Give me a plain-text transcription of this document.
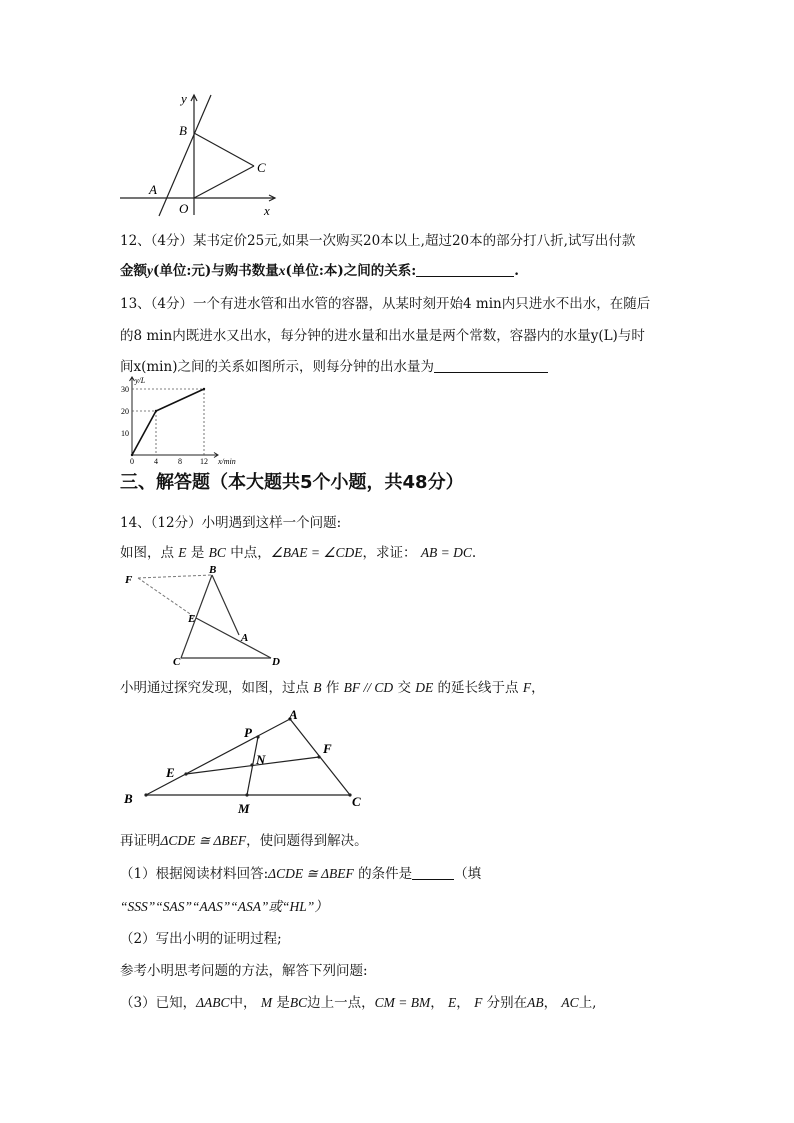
y
B
C
A
O	x
12、（4分）某书定价25元,如果一次购买20本以上,超过20本的部分打八折,试写出付款
金额y(单位:元)与购书数量x(单位:本)之间的关系:	.
13、（4分）一个有进水管和出水管的容器，从某时刻开始4 min内只进水不出水，在随后
的8 min内既进水又出水，每分钟的进水量和出水量是两个常数，容器内的水量y(L)与时
间x(min)之间的关系如图所示，则每分钟的出水量为
0	4	8 12
10
20
30
x/min
y/L
三、解答题（本大题共5个小题，共48分）
14、（12分）小明遇到这样一个问题:
如图，点 E 是 BC 中点，∠BAE = ∠CDE，求证： AB = DC.
F
B
E
A
C	D
小明通过探究发现，如图，过点 B 作 BF // CD 交 DE 的延长线于点 F，
A
P
F
N
E
B
M	C
再证明ΔCDE ≅ ΔBEF，使问题得到解决。
（1）根据阅读材料回答:ΔCDE ≅ ΔBEF 的条件是	（填
“SSS”“SAS”“AAS”“ASA”或“HL”）
（2）写出小明的证明过程;
参考小明思考问题的方法，解答下列问题:
（3）已知，ΔABC中， M 是BC边上一点，CM = BM， E， F 分别在AB， AC上,
